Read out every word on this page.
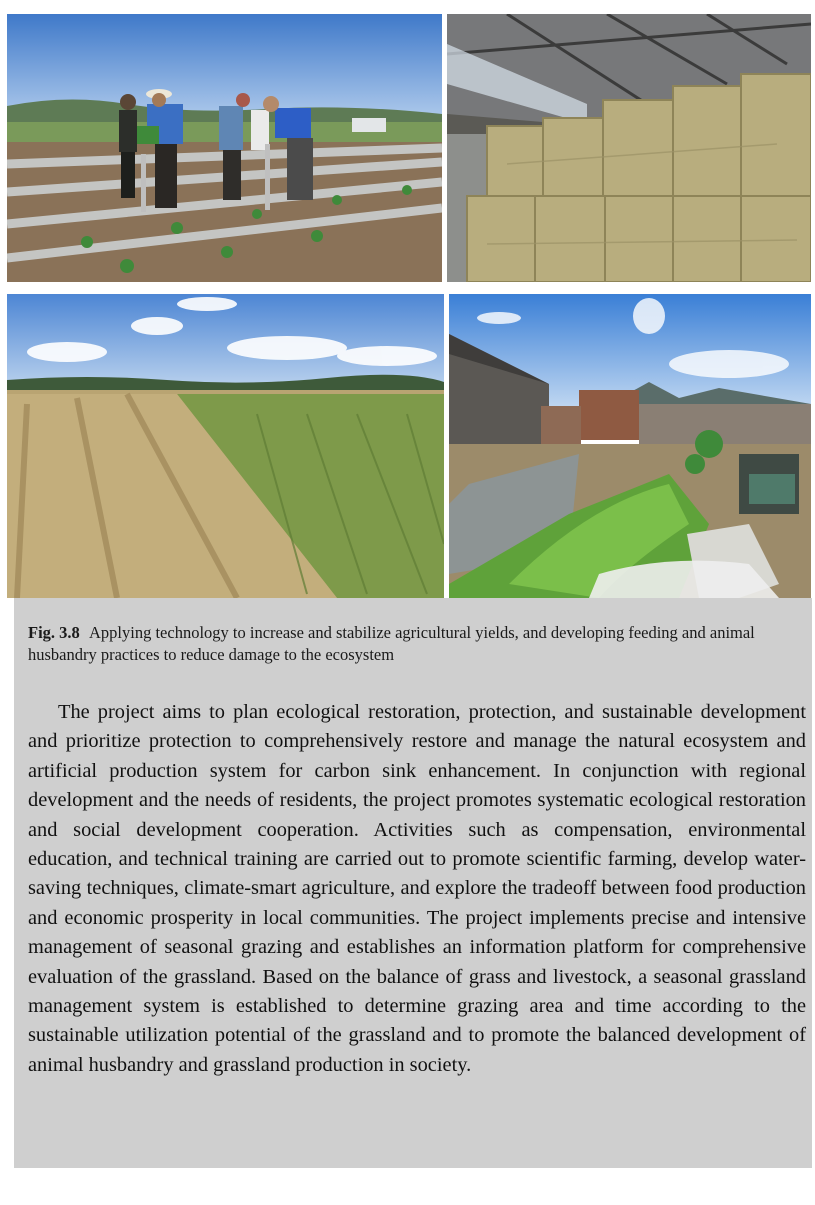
Fig. 3.8 Applying technology to increase and stabilize agricultural yields, and developing feeding and animal husbandry practices to reduce damage to the ecosystem
The project aims to plan ecological restoration, protection, and sustainable development and prioritize protection to comprehensively restore and manage the natural ecosystem and artificial production system for carbon sink enhancement. In conjunction with regional development and the needs of residents, the project promotes systematic ecological restoration and social development cooperation. Activities such as compensation, environmental education, and technical training are carried out to promote scientific farming, develop water-saving techniques, climate-smart agriculture, and explore the tradeoff between food production and economic prosperity in local communities. The project implements precise and intensive management of seasonal grazing and establishes an information platform for comprehensive evaluation of the grassland. Based on the balance of grass and livestock, a seasonal grassland management system is established to determine grazing area and time according to the sustainable utilization potential of the grassland and to promote the balanced development of animal husbandry and grassland production in society.
